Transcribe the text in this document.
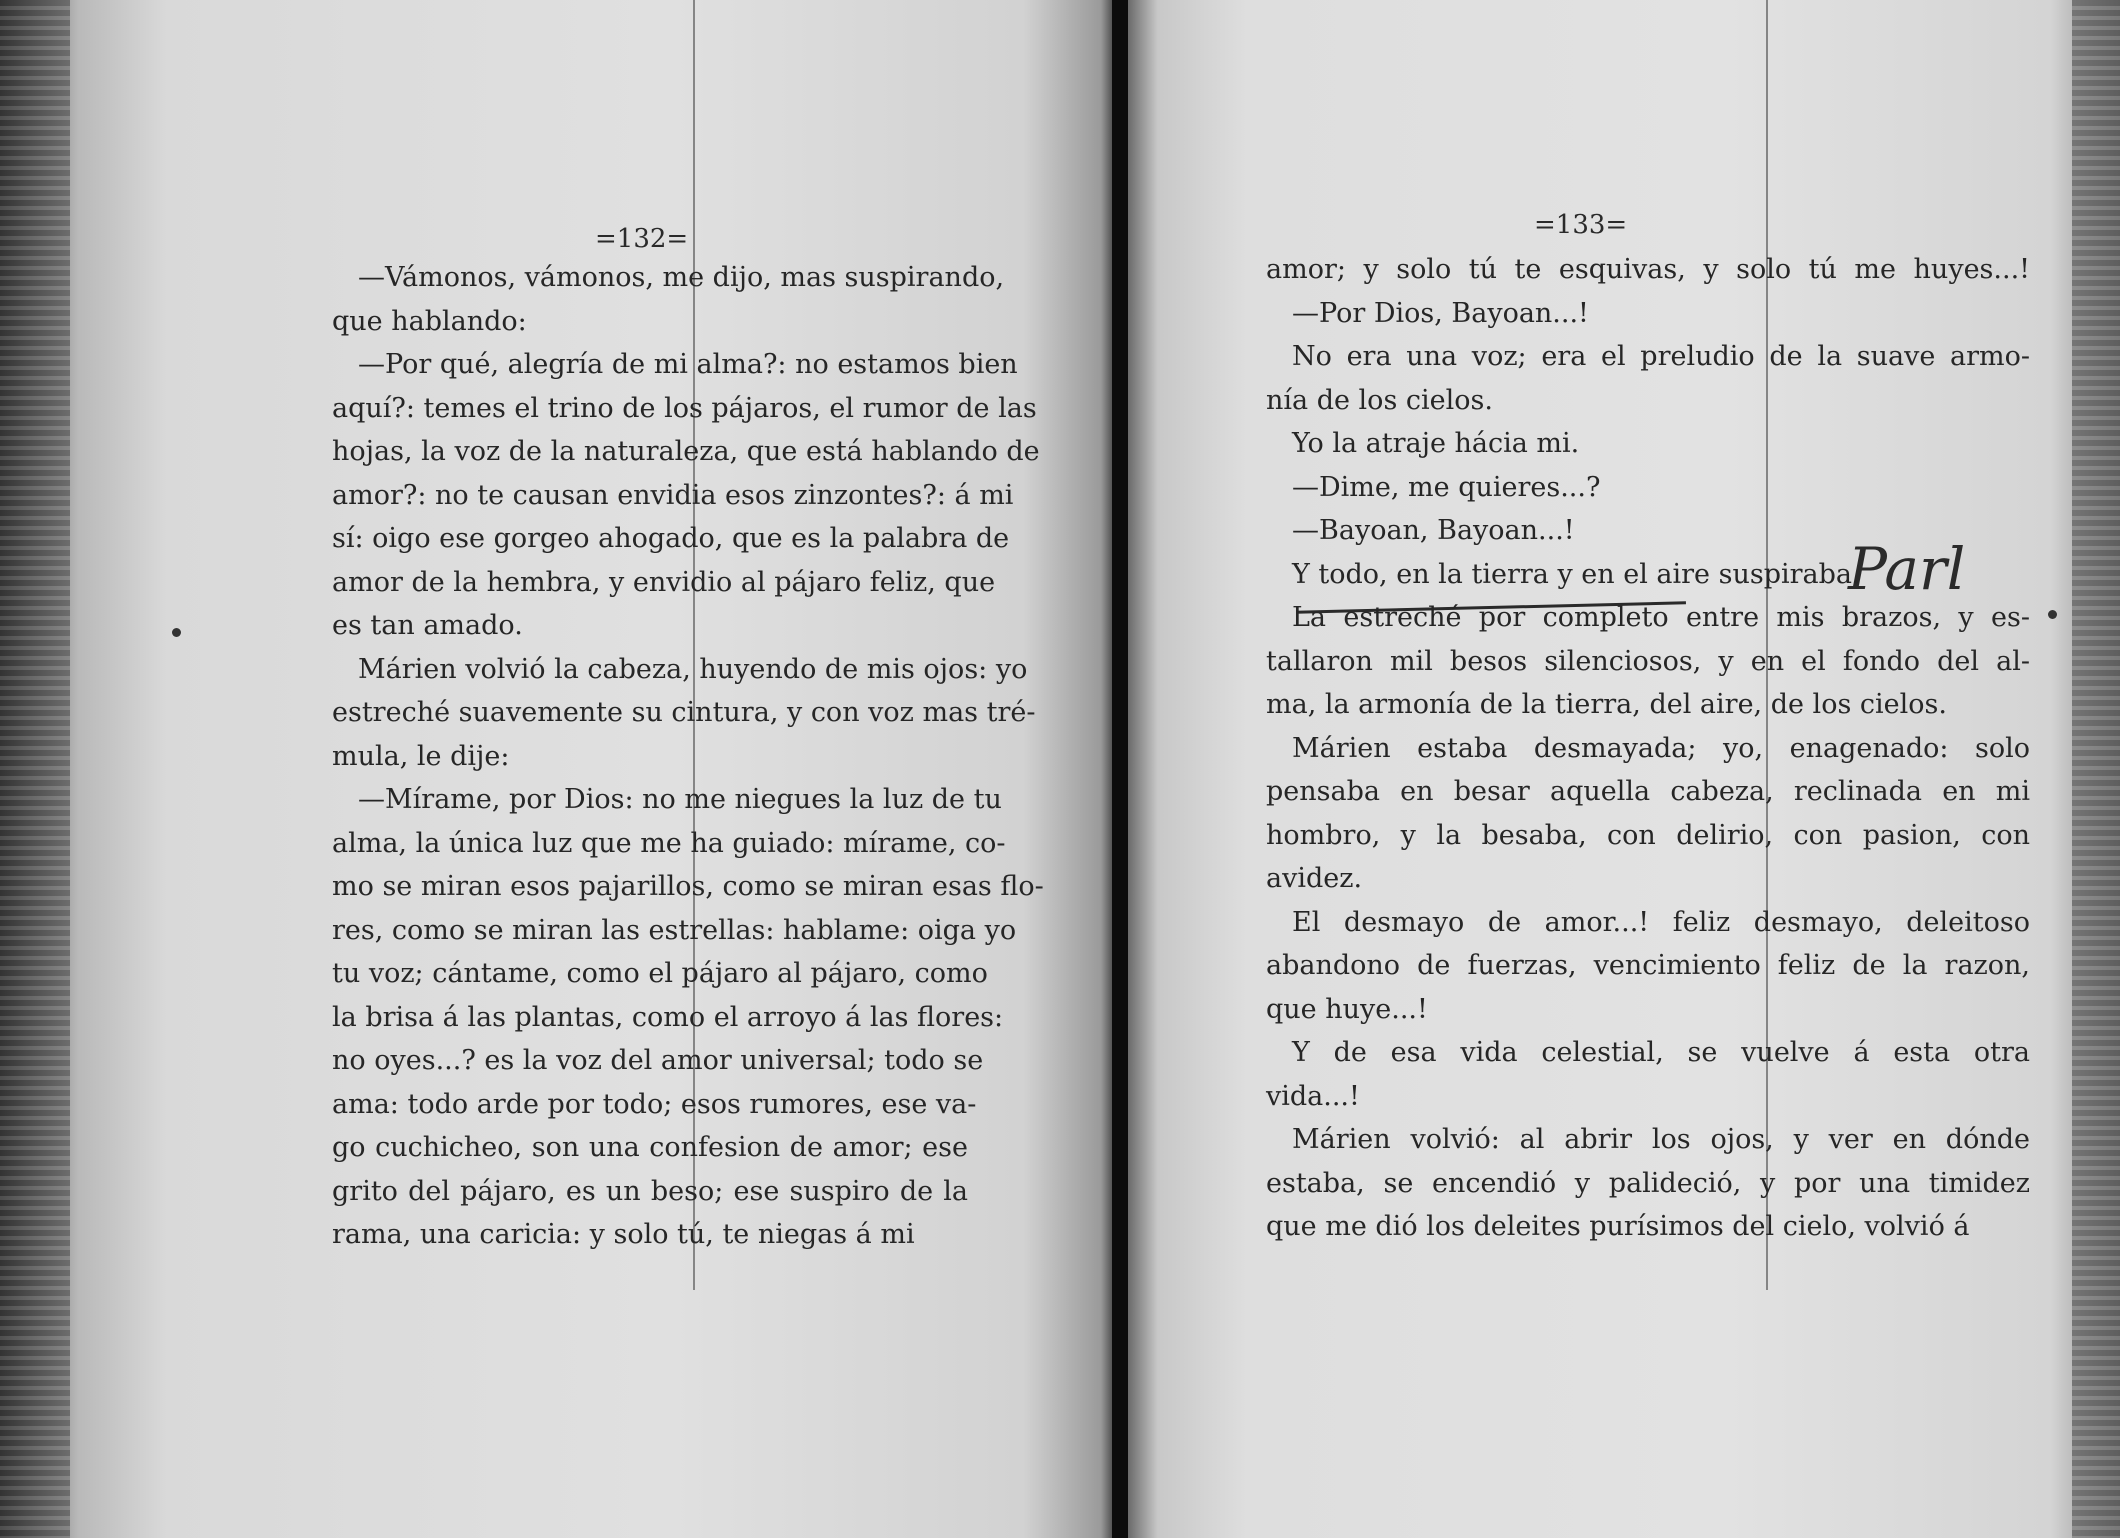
=132=
—Vámonos, vámonos, me dijo, mas suspirando,
que hablando:
—Por qué, alegría de mi alma?: no estamos bien
aquí?: temes el trino de los pájaros, el rumor de las
hojas, la voz de la naturaleza, que está hablando de
amor?: no te causan envidia esos zinzontes?: á mi
sí: oigo ese gorgeo ahogado, que es la palabra de
amor de la hembra, y envidio al pájaro feliz, que
es tan amado.
Márien volvió la cabeza, huyendo de mis ojos: yo
estreché suavemente su cintura, y con voz mas tré-
mula, le dije:
—Mírame, por Dios: no me niegues la luz de tu
alma, la única luz que me ha guiado: mírame, co-
mo se miran esos pajarillos, como se miran esas flo-
res, como se miran las estrellas: hablame: oiga yo
tu voz; cántame, como el pájaro al pájaro, como
la brisa á las plantas, como el arroyo á las flores:
no oyes...? es la voz del amor universal; todo se
ama: todo arde por todo; esos rumores, ese va-
go cuchicheo, son una confesion de amor; ese
grito del pájaro, es un beso; ese suspiro de la
rama, una caricia: y solo tú, te niegas á mi
=133=
Parl
amor; y solo tú te esquivas, y solo tú me huyes...!
—Por Dios, Bayoan...!
No era una voz; era el preludio de la suave armo-
nía de los cielos.
Yo la atraje hácia mi.
—Dime, me quieres...?
—Bayoan, Bayoan...!
Y todo, en la tierra y en el aire suspiraba.
La estreché por completo entre mis brazos, y es-
tallaron mil besos silenciosos, y en el fondo del al-
ma, la armonía de la tierra, del aire, de los cielos.
Márien estaba desmayada; yo, enagenado: solo
pensaba en besar aquella cabeza, reclinada en mi
hombro, y la besaba, con delirio, con pasion, con
avidez.
El desmayo de amor...! feliz desmayo, deleitoso
abandono de fuerzas, vencimiento feliz de la razon,
que huye...!
Y de esa vida celestial, se vuelve á esta otra
vida...!
Márien volvió: al abrir los ojos, y ver en dónde
estaba, se encendió y palideció, y por una timidez
que me dió los deleites purísimos del cielo, volvió á
